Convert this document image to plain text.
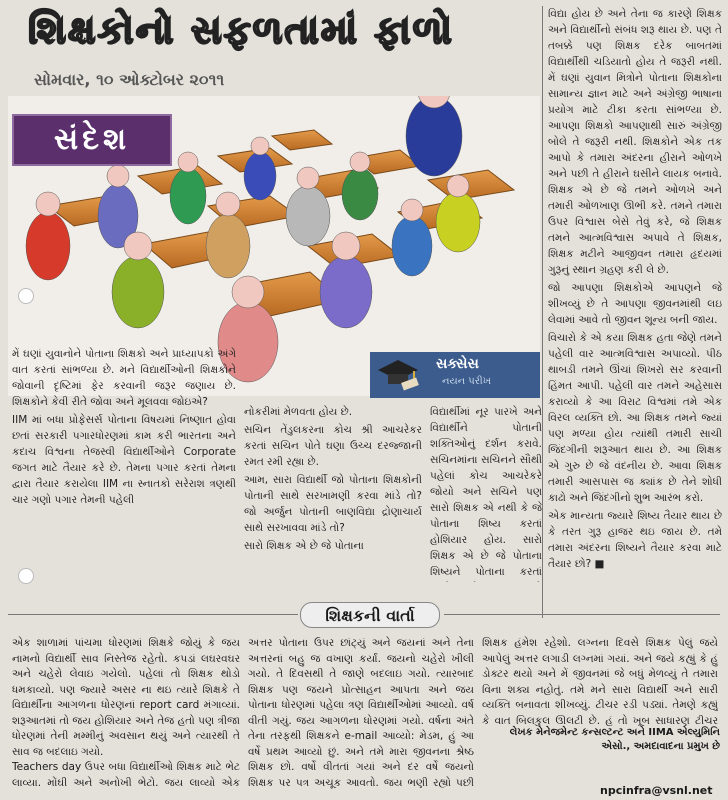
શિક્ષકોનો સફળતામાં ફાળો
સોમવાર, ૧૦ ઓક્ટોબર ૨૦૧૧
સંદેશ
સક્સેસ
નયન પરીખ

મેં ઘણાં યુવાનોને પોતાના શિક્ષકો અને પ્રાધ્યાપકો અંગે વાત કરતાં સાંભળ્યા છે. મને વિદ્યાર્થીઓની શિક્ષકોને જોવાની દૃષ્ટિમાં ફેર કરવાની જરૂર જણાય છે. શિક્ષકોને કેવી રીતે જોવા અને મૂલવવા જોઇએ?

IIM માં બધા પ્રોફેસર્સ પોતાના વિષયમાં નિષ્ણાત હોવા છતાં સરકારી પગારધોરણમાં કામ કરી ભારતના અને કદાચ વિશ્વના તેજસ્વી વિદ્યાર્થીઓને Corporate જગત માટે તૈયાર કરે છે. તેમના પગાર કરતાં તેમના દ્વારા તૈયાર કરાયેલા IIM ના સ્નાતકો સરેરાશ ત્રણથી ચાર ગણો પગાર તેમની પહેલી

નોકરીમાં મેળવતા હોય છે.

સચિન તેંડુલકરના કોચ શ્રી આચરેકર કરતાં સચિન પોતે ઘણા ઉચ્ચ દરજ્જાની રમત રમી રહ્યા છે.

આમ, સારા વિદ્યાર્થી જો પોતાના શિક્ષકોની પોતાની સાથે સરખામણી કરવા માંડે તો? જો અર્જુન પોતાની બાણવિદ્યા દ્રોણાચાર્ય સાથે સરખાવવા માંડે તો?

સારો શિક્ષક એ છે જે પોતાના

વિદ્યાર્થીમાં નૂર પારખે અને વિદ્યાર્થીને પોતાની શક્તિઓનું દર્શન કરાવે. સચિનમાંના સચિનને સૌથી પહેલાં કોચ આચરેકરે જોયો અને સચિને પણ સારો શિક્ષક એ નથી કે જે પોતાના શિષ્ય કરતાં હોશિયાર હોય. સારો શિક્ષક એ છે જે પોતાના શિષ્યને પોતાના કરતાં

વિદ્યા હોય છે અને તેના જ કારણે શિક્ષક અને વિદ્યાર્થીનો સંબંધ શરૂ થાય છે. પણ તે તબક્કે પણ શિક્ષક દરેક બાબતમાં વિદ્યાર્થીથી ચડિયાતો હોય તે જરૂરી નથી. મેં ઘણાં યુવાન મિત્રોને પોતાના શિક્ષકોના સામાન્ય જ્ઞાન માટે અને અંગ્રેજી ભાષાના પ્રયોગ માટે ટીકા કરતા સાંભળ્યા છે. આપણા શિક્ષકો આપણાથી સારું અંગ્રેજી બોલે તે જરૂરી નથી. શિક્ષકોને એક તક આપો કે તમારા અંદરના હીરાને ઓળખે અને પછી તે હીરાને ઘસીને લાયક બનાવે. શિક્ષક એ છે જે તમને ઓળખે અને તમારી ઓળખાણ ઊભી કરે. તમને તમારા ઉપર વિશ્વાસ બેસે તેવું કરે, જે શિક્ષક તમને આત્મવિશ્વાસ અપાવે તે શિક્ષક, શિક્ષક મટીને આજીવન તમારા હૃદયમાં ગુરૂનું સ્થાન ગ્રહણ કરી લે છે.

જો આપણા શિક્ષકોએ આપણને જે શીખવ્યું છે તે આપણા જીવનમાંથી લઇ લેવામાં આવે તો જીવન શૂન્ય બની જાય.

વિચારો કે એ કયા શિક્ષક હતા જેણે તમને પહેલી વાર આત્મવિશ્વાસ અપાવ્યો. પીઠ થાબડી તમને ઊંચાં શિખરો સર કરવાની હિંમત આપી. પહેલી વાર તમને અહેસાસ કરાવ્યો કે આ વિરાટ વિશ્વમાં તમે એક વિરલ વ્યક્તિ છો. આ શિક્ષક તમને જ્યાં પણ મળ્યા હોય ત્યાંથી તમારી સાચી જિંદગીની શરૂઆત થાય છે. આ શિક્ષક એ ગુરુ છે જે વંદનીય છે. આવા શિક્ષક તમારી આસપાસ જ ક્યાંક છે તેને શોધી કાઢો અને જિંદગીનો શુભ આરંભ કરો.

એક માન્યતા જ્યારે શિષ્ય તૈયાર થાય છે કે તરત ગુરૂ હાજર થઇ જાય છે. તમે તમારા અંદરના શિષ્યને તૈયાર કરવા માટે તૈયાર છો? ■

શિક્ષકની વાર્તા

એક શાળામાં પાંચમા ધોરણમાં શિક્ષકે જોયું કે જય નામનો વિદ્યાર્થી સાવ નિસ્તેજ રહેતો. કપડાં લઘરવઘર અને ચહેરો લેવાઇ ગયેલો. પહેલાં તો શિક્ષક થોડો ધમકાવ્યો. પણ જ્યારે અસર ના થઇ ત્યારે શિક્ષકે તે વિદ્યાર્થીના આગળના ધોરણનાં report card મંગાવ્યાં. શરૂઆતમાં તો જય હોશિયાર અને તેજ હતો પણ ત્રીજા ધોરણમાં તેની મમ્મીનું અવસાન થયું અને ત્યારથી તે સાવ જ બદલાઇ ગયો.

Teachers day ઉપર બધા વિદ્યાર્થીઓ શિક્ષક માટે ભેટ લાવ્યા. મોંઘી અને અનોખી ભેટો. જય લાવ્યો એક

અત્તર પોતાના ઉપર છાંટ્યું અને જયનાં અને તેના અત્તરનાં બહુ જ વખાણ કર્યાં. જયનો ચહેરો ખીલી ગયો. તે દિવસથી તે જાણે બદલાઇ ગયો. ત્યારબાદ શિક્ષક પણ જયને પ્રોત્સાહન આપતા અને જય પોતાના ધોરણમાં પહેલા ત્રણ વિદ્યાર્થીઓમાં આવ્યો. વર્ષ વીતી ગયું. જય આગળના ધોરણમાં ગયો. વર્ષના અંતે તેના તરફથી શિક્ષકને e-mail આવ્યો: મેડમ, હું આ વર્ષે પ્રથમ આવ્યો છું. અને તમે મારા જીવનના શ્રેષ્ઠ શિક્ષક છો. વર્ષો વીતતાં ગયાં અને દર વર્ષે જયનો શિક્ષક પર પત્ર અચૂક આવતો. જય ભણી રહ્યો પછી

શિક્ષક હંમેશ રહેશો. લગ્નના દિવસે શિક્ષક પેલું જયે આપેલું અત્તર લગાડી લગ્નમાં ગયાં. અને જયે કહ્યું કે હું ડોક્ટર થયો અને મેં જીવનમાં જે બધું મેળવ્યું તે તમારા વિના શક્ય નહોતું. તમે મને સારા વિદ્યાર્થી અને સારી વ્યક્તિ બનાવતા શીખવ્યું. ટીચર રડી પડ્યાં. તેમણે કહ્યું કે વાત બિલકુલ ઊલટી છે. હું તો ખૂબ સાધારણ ટીચર

લેખક મેનેજમેન્ટ કન્સલ્ટન્ટ અને IIMA એલ્યુમિનિ એસો., અમદાવાદના પ્રમુખ છે
npcinfra@vsnl.net
